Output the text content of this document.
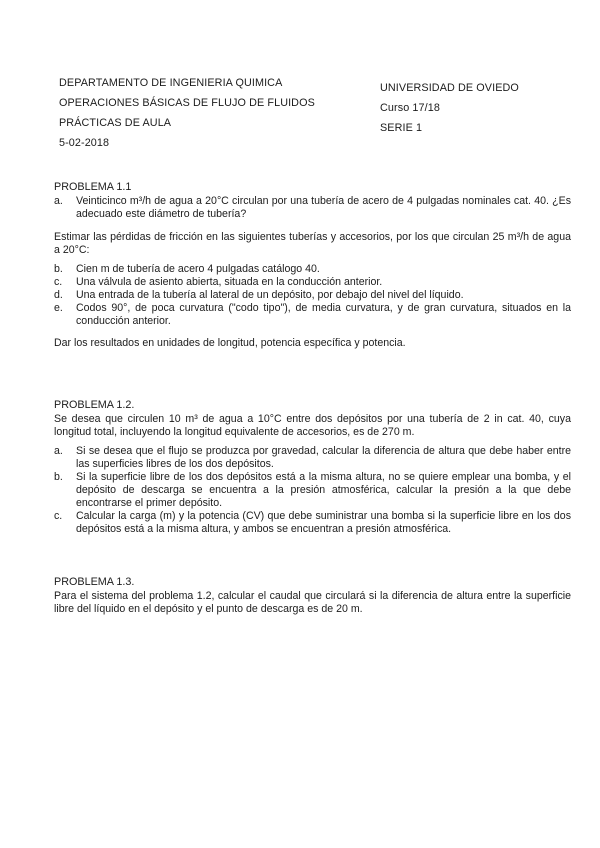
DEPARTAMENTO DE INGENIERIA QUIMICA
OPERACIONES BÁSICAS DE FLUJO DE FLUIDOS
PRÁCTICAS DE AULA
5-02-2018
UNIVERSIDAD DE OVIEDO
Curso 17/18
SERIE 1
PROBLEMA 1.1
a.	Veinticinco m³/h de agua a 20°C circulan por una tubería de acero de 4 pulgadas nominales cat. 40. ¿Es adecuado este diámetro de tubería?
Estimar las pérdidas de fricción en las siguientes tuberías y accesorios, por los que circulan 25 m³/h de agua a 20°C:
b.	Cien m de tubería de acero 4 pulgadas catálogo 40.
c.	Una válvula de asiento abierta, situada en la conducción anterior.
d.	Una entrada de la tubería al lateral de un depósito, por debajo del nivel del líquido.
e.	Codos 90°, de poca curvatura ("codo tipo"), de media curvatura, y de gran curvatura, situados en la conducción anterior.
Dar los resultados en unidades de longitud, potencia específica y potencia.
PROBLEMA 1.2.
Se desea que circulen 10 m³ de agua a 10°C entre dos depósitos por una tubería de 2 in cat. 40, cuya longitud total, incluyendo la longitud equivalente de accesorios, es de 270 m.
a.	Si se desea que el flujo se produzca por gravedad, calcular la diferencia de altura que debe haber entre las superficies libres de los dos depósitos.
b.	Si la superficie libre de los dos depósitos está a la misma altura, no se quiere emplear una bomba, y el depósito de descarga se encuentra a la presión atmosférica, calcular la presión a la que debe encontrarse el primer depósito.
c.	Calcular la carga (m) y la potencia (CV) que debe suministrar una bomba si la superficie libre en los dos depósitos está a la misma altura, y ambos se encuentran a presión atmosférica.
PROBLEMA 1.3.
Para el sistema del problema 1.2, calcular el caudal que circulará si la diferencia de altura entre la superficie libre del líquido en el depósito y el punto de descarga es de 20 m.
